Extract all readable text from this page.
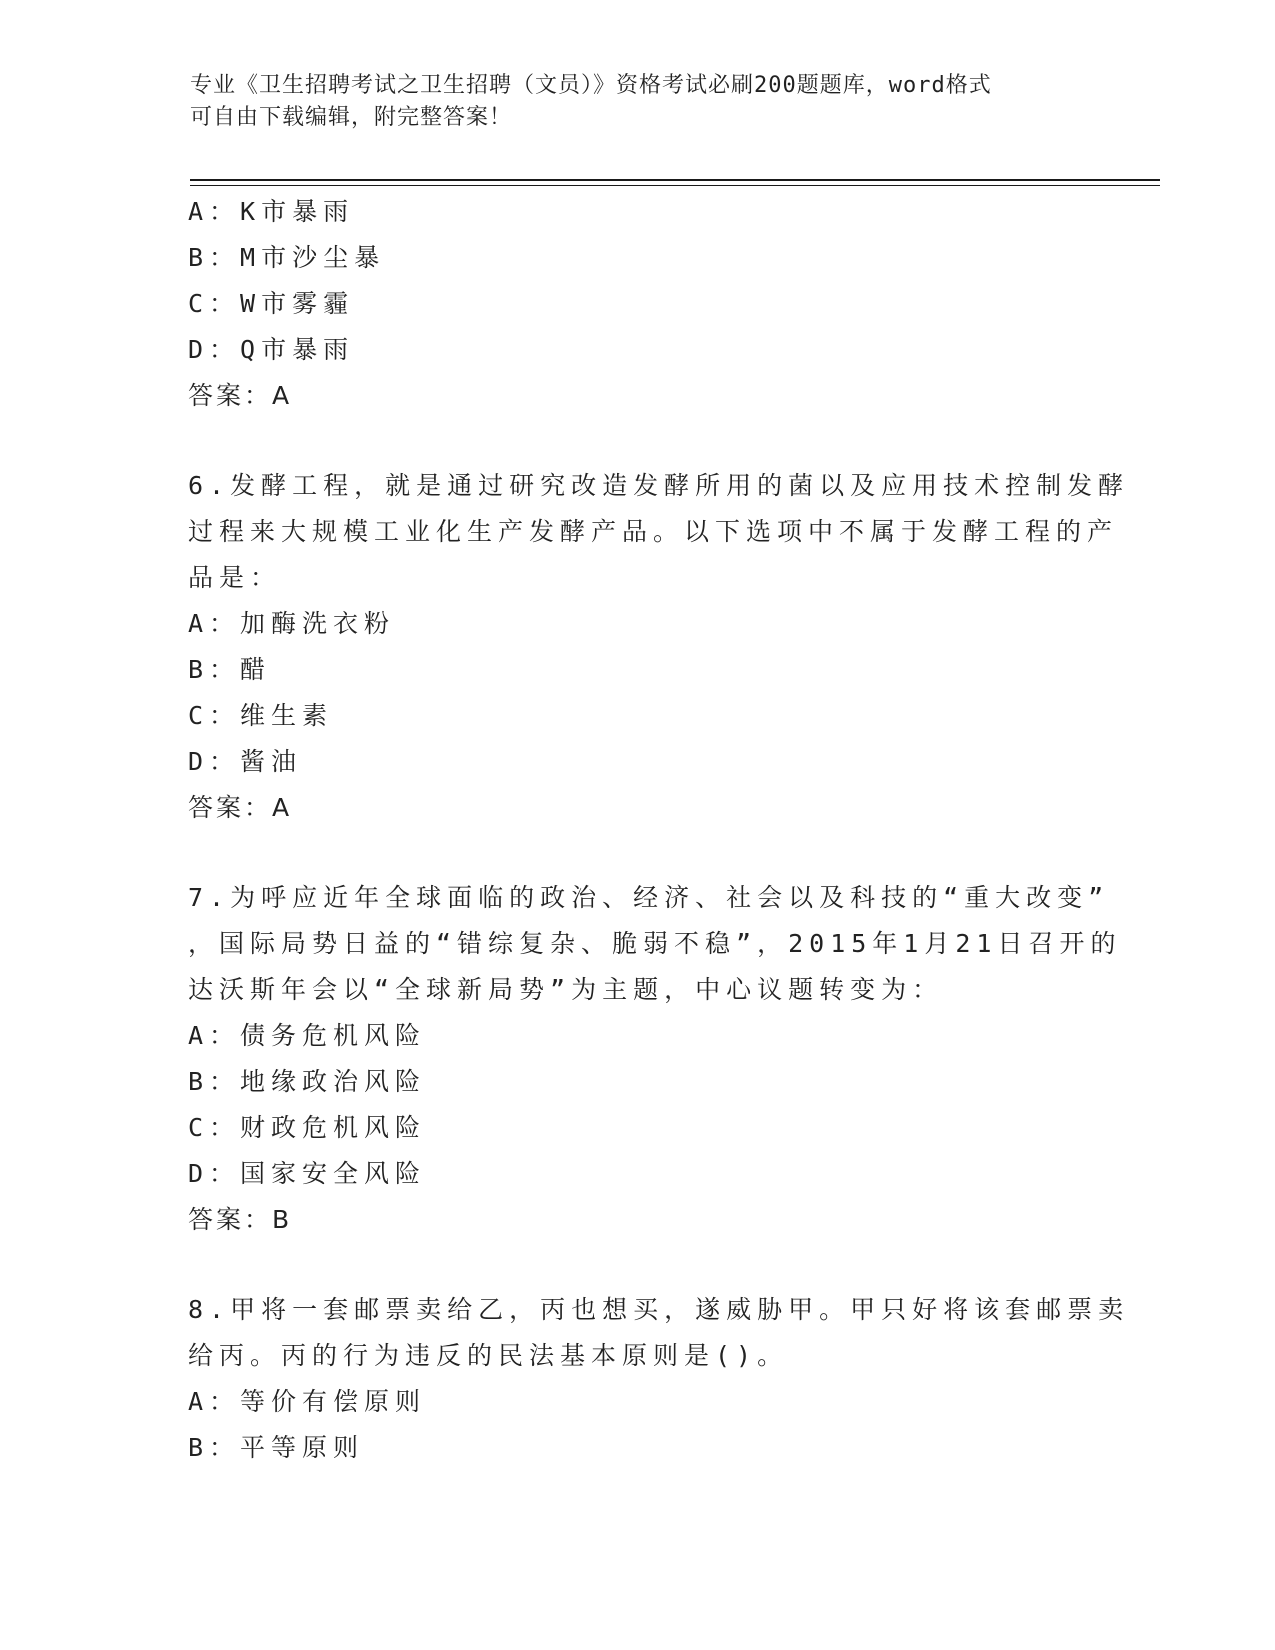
专业《卫生招聘考试之卫生招聘（文员）》资格考试必刷200题题库，word格式
可自由下载编辑，附完整答案！
A：K市暴雨
B：M市沙尘暴
C：W市雾霾
D：Q市暴雨
答案：A
6.发酵工程，就是通过研究改造发酵所用的菌以及应用技术控制发酵
过程来大规模工业化生产发酵产品。以下选项中不属于发酵工程的产
品是：
A：加酶洗衣粉
B：醋
C：维生素
D：酱油
答案：A
7.为呼应近年全球面临的政治、经济、社会以及科技的“重大改变”
，国际局势日益的“错综复杂、脆弱不稳”，2015年1月21日召开的
达沃斯年会以“全球新局势”为主题，中心议题转变为：
A：债务危机风险
B：地缘政治风险
C：财政危机风险
D：国家安全风险
答案：B
8.甲将一套邮票卖给乙，丙也想买，遂威胁甲。甲只好将该套邮票卖
给丙。丙的行为违反的民法基本原则是()。
A：等价有偿原则
B：平等原则
